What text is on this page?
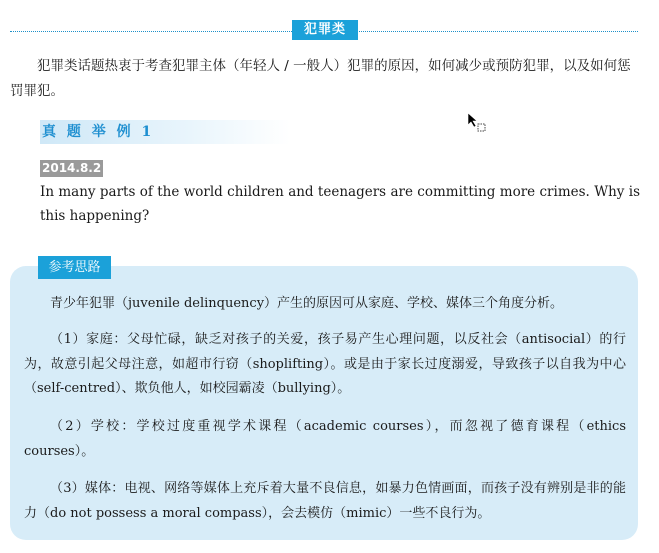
犯罪类
犯罪类话题热衷于考查犯罪主体（年轻人 / 一般人）犯罪的原因，如何减少或预防犯罪，以及如何惩罚罪犯。
真 题 举 例 1
2014.8.2
In many parts of the world children and teenagers are committing more crimes. Why is this happening?
参考思路
青少年犯罪（juvenile delinquency）产生的原因可从家庭、学校、媒体三个角度分析。
（1）家庭：父母忙碌，缺乏对孩子的关爱，孩子易产生心理问题，以反社会（antisocial）的行为，故意引起父母注意，如超市行窃（shoplifting）。或是由于家长过度溺爱，导致孩子以自我为中心（self-centred）、欺负他人，如校园霸凌（bullying）。
（2）学校：学校过度重视学术课程（academic courses），而忽视了德育课程（ethics courses）。
（3）媒体：电视、网络等媒体上充斥着大量不良信息，如暴力色情画面，而孩子没有辨别是非的能力（do not possess a moral compass），会去模仿（mimic）一些不良行为。
